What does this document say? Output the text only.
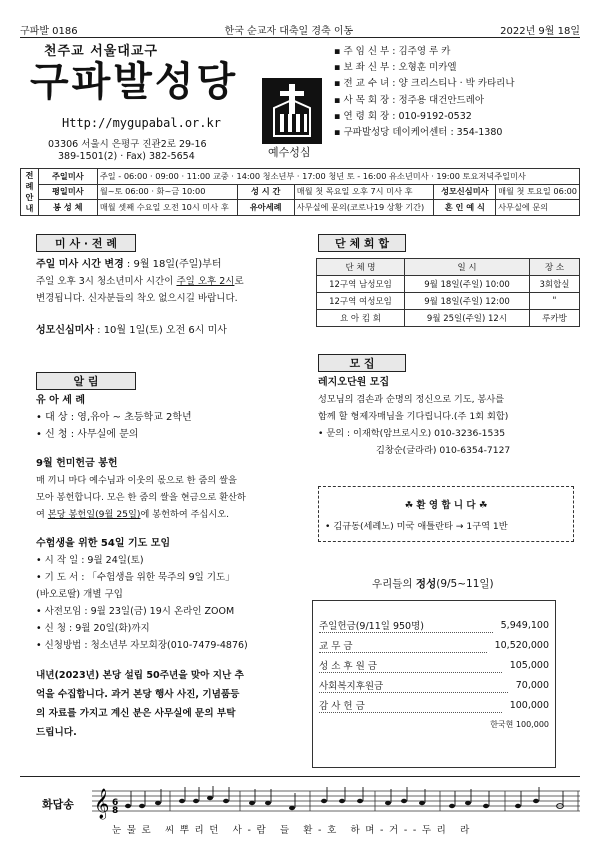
구파발 0186	한국 순교자 대축일 경축 이동	2022년 9월 18일
천주교 서울대교구
구파발성당
Http://mygupabal.or.kr
03306 서울시 은평구 진관2로 29-16
389-1501(2) · Fax) 382-5654	예수성심
▪ 주 임 신 부 : 김주영 루 카
▪ 보 좌 신 부 : 오형훈 미카엘
▪ 전 교 수 녀 : 양 크리스티나 · 박 카타리나
▪ 사 목 회 장 : 정주용 대건안드레아
▪ 연 령 회 장 : 010-9192-0532
▪ 구파발성당 데이케어센터 : 354-1380
전례안내	주일미사	주일 - 06:00 · 09:00 · 11:00 교중 · 14:00 청소년부 · 17:00 청년 토 - 16:00 유소년미사 · 19:00 토요저녁주일미사				
	평일미사	월~토 06:00 · 화~금 10:00	성 시 간	매월 첫 목요일 오후 7시 미사 후	성모신심미사	매월 첫 토요일 06:00
	봉 성 체	매월 셋째 수요일 오전 10시 미사 후	유아세례	사무실에 문의(코로나19 상황 기간)	혼 인 예 식	사무실에 문의
미 사 · 전 례
주일 미사 시간 변경 : 9월 18일(주일)부터
주일 오후 3시 청소년미사 시간이 주일 오후 2시로
변경됩니다. 신자분들의 착오 없으시길 바랍니다.
성모신심미사 : 10월 1일(토) 오전 6시 미사
알 림
유 아 세 례
• 대 상 : 영,유아 ~ 초등학교 2학년
• 신 청 : 사무실에 문의
9월 헌미헌금 봉헌
매 끼니 마다 예수님과 이웃의 몫으로 한 줌의 쌀을
모아 봉헌합니다. 모은 한 줌의 쌀을 현금으로 환산하
여 본당 봉헌일(9월 25일)에 봉헌하여 주십시오.
수험생을 위한 54일 기도 모임
• 시 작 일 : 9월 24일(토)
• 기 도 서 : 「수험생을 위한 묵주의 9일 기도」
(바오로딸) 개별 구입
• 사전모임 : 9월 23일(금) 19시 온라인 ZOOM
• 신 청 : 9월 20일(화)까지
• 신청방법 : 청소년부 자모회장(010-7479-4876)
내년(2023년) 본당 설립 50주년을 맞아 지난 추
억을 수집합니다. 과거 본당 행사 사진, 기념품등
의 자료를 가지고 계신 분은 사무실에 문의 부탁
드립니다.
단 체 회 합
단 체 명	일 시	장 소
12구역 남성모임	9월 18일(주일) 10:00	3회합실
12구역 여성모임	9월 18일(주일) 12:00	"
요 아 킴 회	9월 25일(주일) 12시	루카방
모 집
레지오단원 모집
성모님의 겸손과 순명의 정신으로 기도, 봉사를
함께 할 형제자매님을 기다립니다.(주 1회 회합)
• 문의 : 이재학(암브로시오) 010-3236-1535
김창순(글라라) 010-6354-7127
☘ 환 영 합 니 다 ☘
• 김규동(세례노) 미국 애틀란타 → 1구역 1반
우리들의 정성(9/5~11일)
주일헌금(9/11일 950명)	5,949,100
교 무 금	10,520,000
성 소 후 원 금	105,000
사회복지후원금	70,000
감 사 헌 금	100,000
한국현 100,000
화답송 𝄞 6
8
눈물로 씨뿌리던 사-람 들 환-호 하며-거--두리 라
